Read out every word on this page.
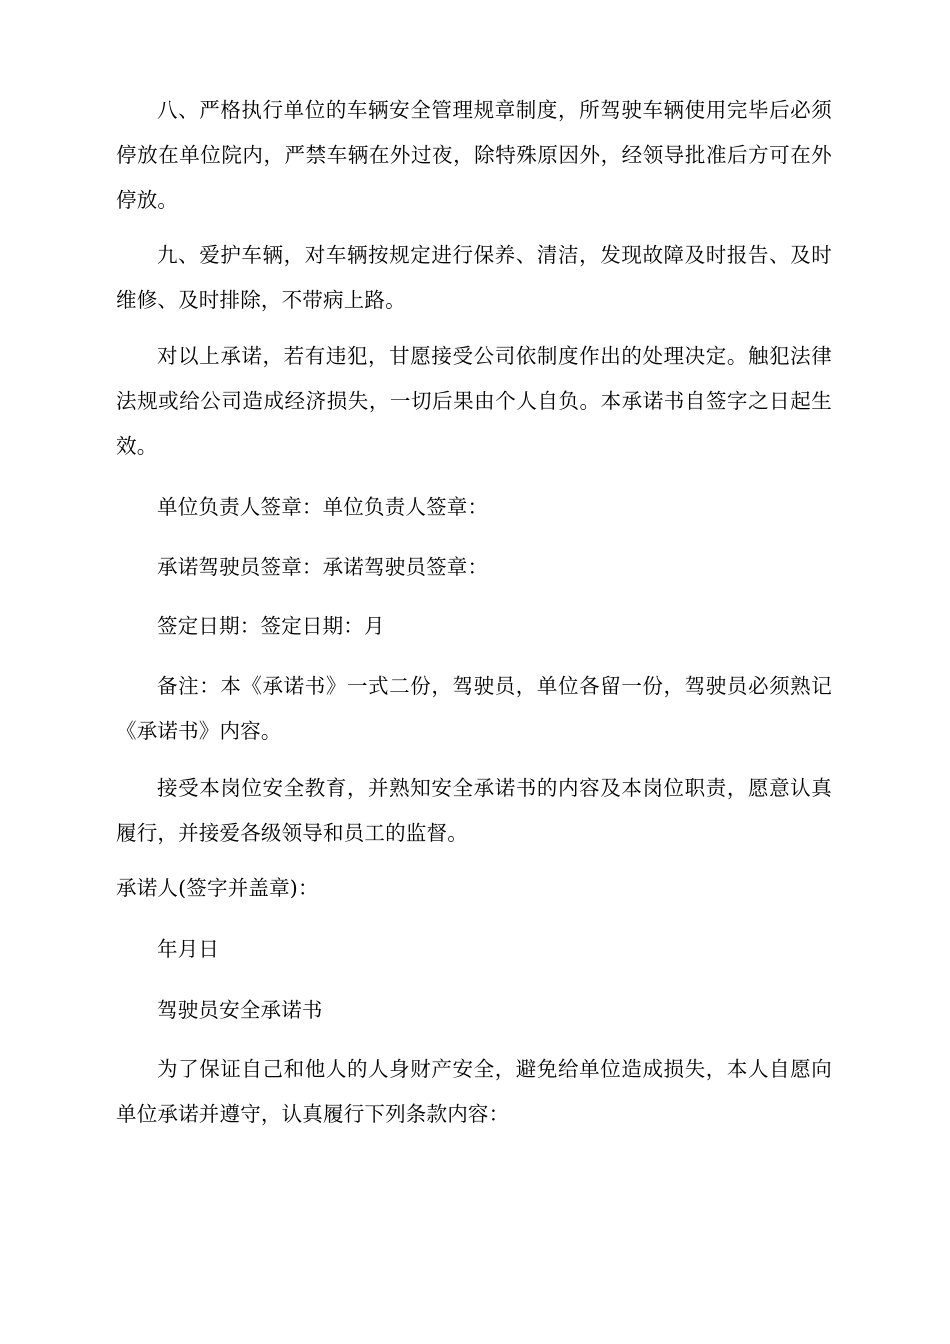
八、严格执行单位的车辆安全管理规章制度，所驾驶车辆使用完毕后必须停放在单位院内，严禁车辆在外过夜，除特殊原因外，经领导批准后方可在外停放。

九、爱护车辆，对车辆按规定进行保养、清洁，发现故障及时报告、及时维修、及时排除，不带病上路。

对以上承诺，若有违犯，甘愿接受公司依制度作出的处理决定。触犯法律法规或给公司造成经济损失，一切后果由个人自负。本承诺书自签字之日起生效。

单位负责人签章：单位负责人签章：

承诺驾驶员签章：承诺驾驶员签章：

签定日期：签定日期：月

备注：本《承诺书》一式二份，驾驶员，单位各留一份，驾驶员必须熟记《承诺书》内容。

接受本岗位安全教育，并熟知安全承诺书的内容及本岗位职责，愿意认真履行，并接爱各级领导和员工的监督。

承诺人(签字并盖章)：

年月日

驾驶员安全承诺书

为了保证自己和他人的人身财产安全，避免给单位造成损失，本人自愿向单位承诺并遵守，认真履行下列条款内容：
